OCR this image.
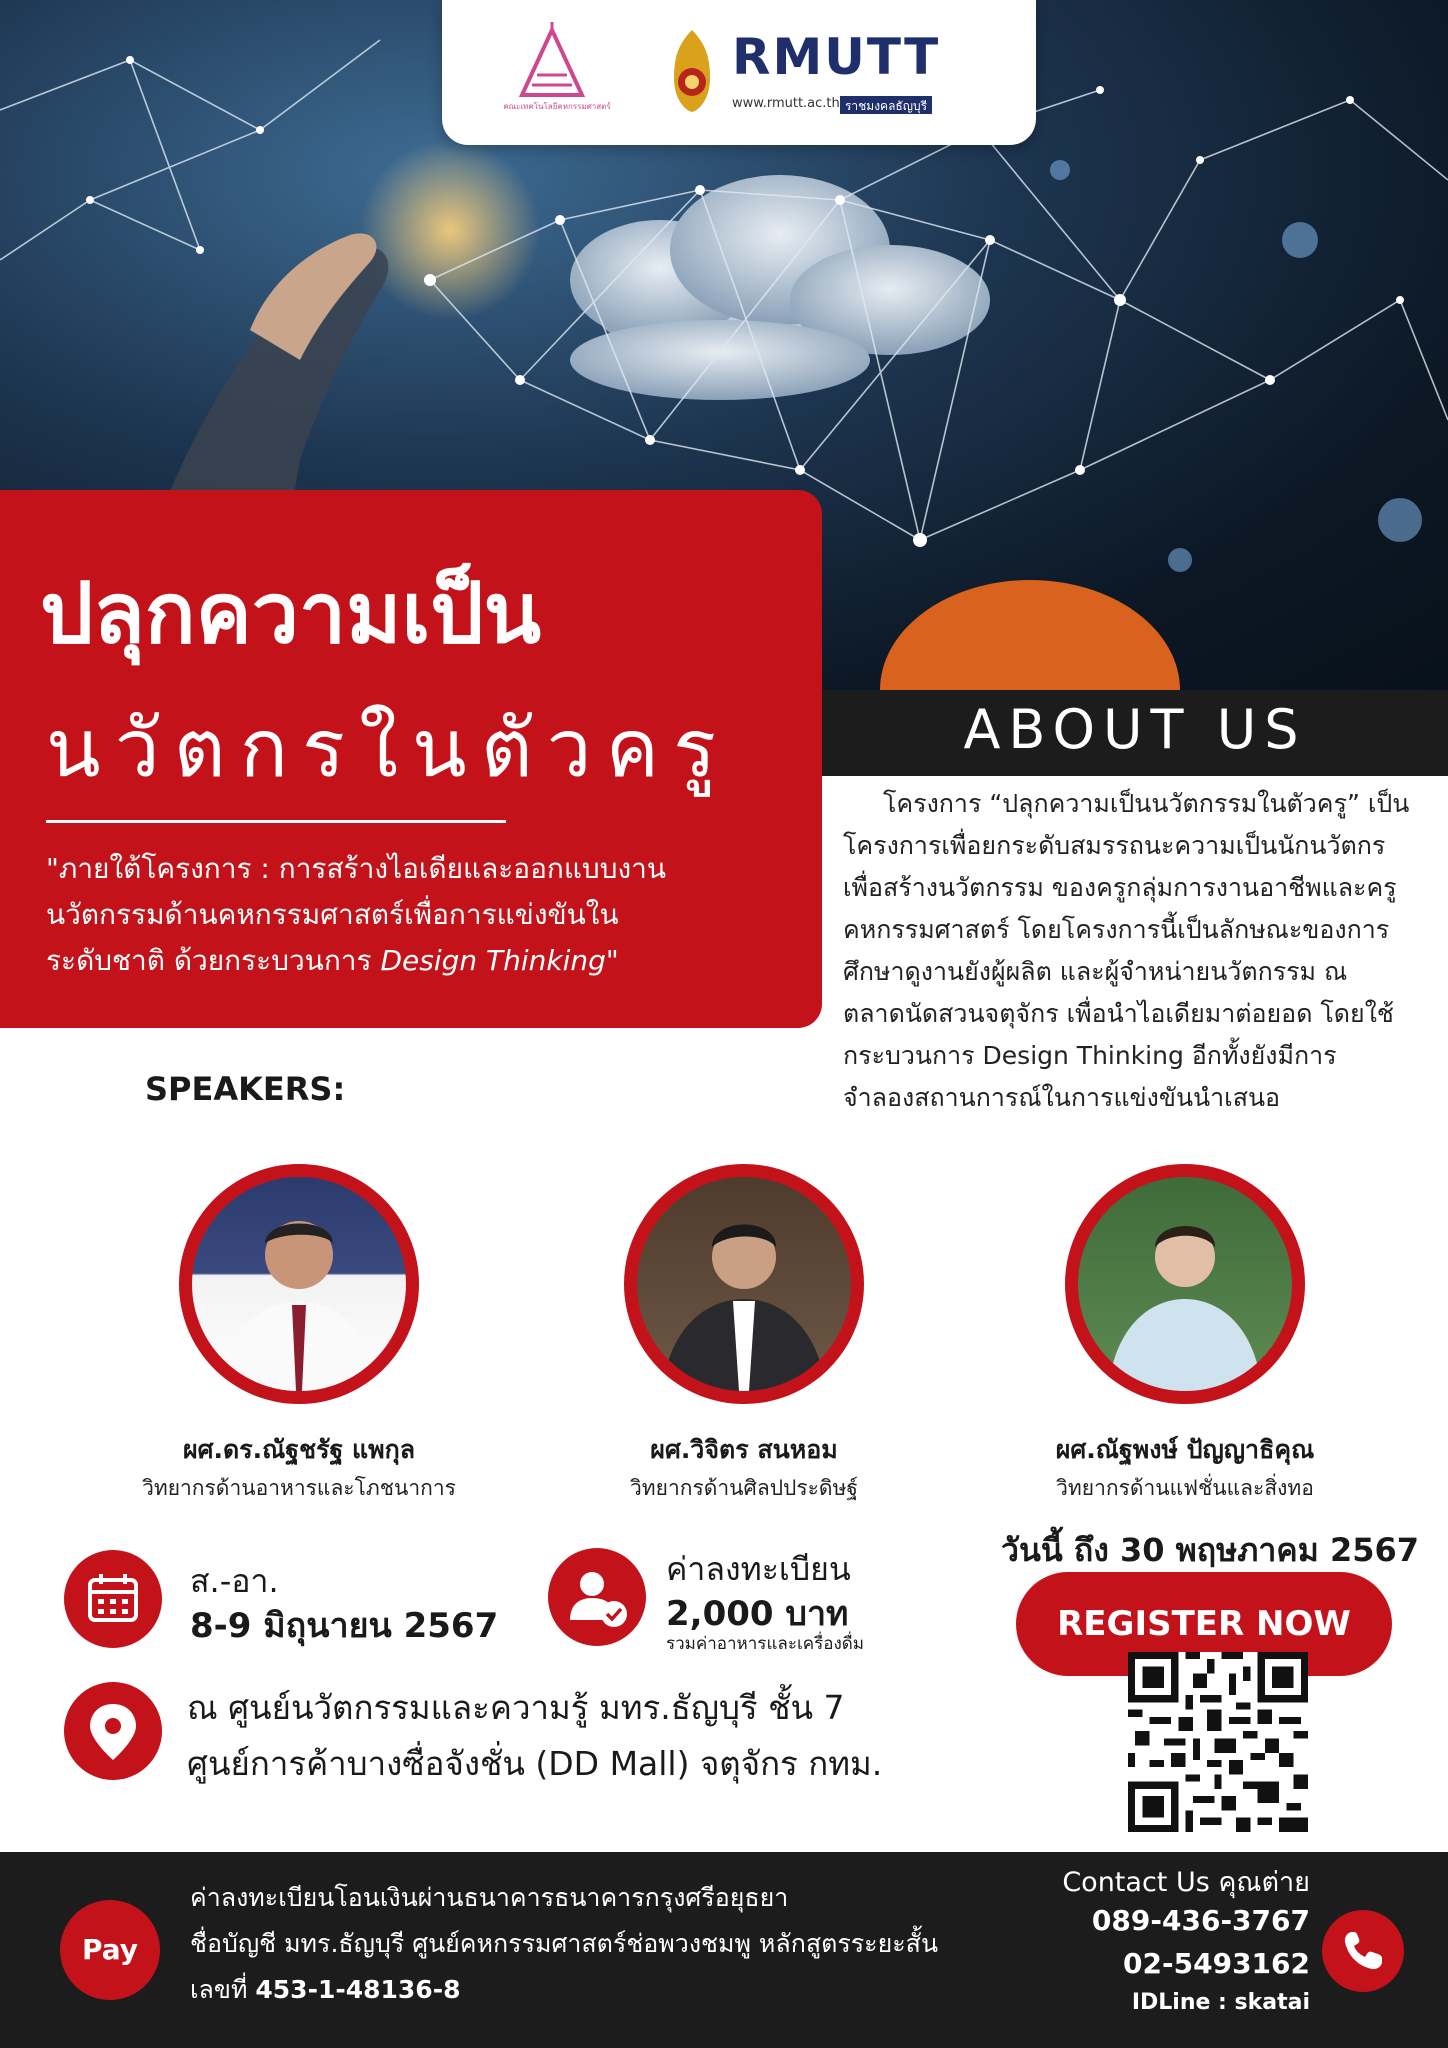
คณะเทคโนโลยีคหกรรมศาสตร์
RMUTT
www.rmutt.ac.th ราชมงคลธัญบุรี
ปลุกความเป็น
นวัตกรในตัวครู
"ภายใต้โครงการ : การสร้างไอเดียและออกแบบงาน
นวัตกรรมด้านคหกรรมศาสตร์เพื่อการแข่งขันใน
ระดับชาติ ด้วยกระบวนการ Design Thinking"
ABOUT US
โครงการ “ปลุกความเป็นนวัตกรรมในตัวครู” เป็น
โครงการเพื่อยกระดับสมรรถนะความเป็นนักนวัตกร
เพื่อสร้างนวัตกรรม ของครูกลุ่มการงานอาชีพและครู
คหกรรมศาสตร์ โดยโครงการนี้เป็นลักษณะของการ
ศึกษาดูงานยังผู้ผลิต และผู้จำหน่ายนวัตกรรม ณ
ตลาดนัดสวนจตุจักร เพื่อนำไอเดียมาต่อยอด โดยใช้
กระบวนการ Design Thinking อีกทั้งยังมีการ
จำลองสถานการณ์ในการแข่งขันนำเสนอ
SPEAKERS:
ผศ.ดร.ณัฐชรัฐ แพกุล
วิทยากรด้านอาหารและโภชนาการ
ผศ.วิจิตร สนหอม
วิทยากรด้านศิลปประดิษฐ์
ผศ.ณัฐพงษ์ ปัญญาธิคุณ
วิทยากรด้านแฟชั่นและสิ่งทอ
ส.-อา.
8-9 มิถุนายน 2567
ค่าลงทะเบียน
2,000 บาท
รวมค่าอาหารและเครื่องดื่ม
ณ ศูนย์นวัตกรรมและความรู้ มทร.ธัญบุรี ชั้น 7
ศูนย์การค้าบางซื่อจังชั่น (DD Mall) จตุจักร กทม.
วันนี้ ถึง 30 พฤษภาคม 2567
REGISTER NOW
Pay
ค่าลงทะเบียนโอนเงินผ่านธนาคารธนาคารกรุงศรีอยุธยา
ชื่อบัญชี มทร.ธัญบุรี ศูนย์คหกรรมศาสตร์ช่อพวงชมพู หลักสูตรระยะสั้น
เลขที่ 453-1-48136-8
Contact Us คุณต่าย
089-436-3767
02-5493162
IDLine : skatai
